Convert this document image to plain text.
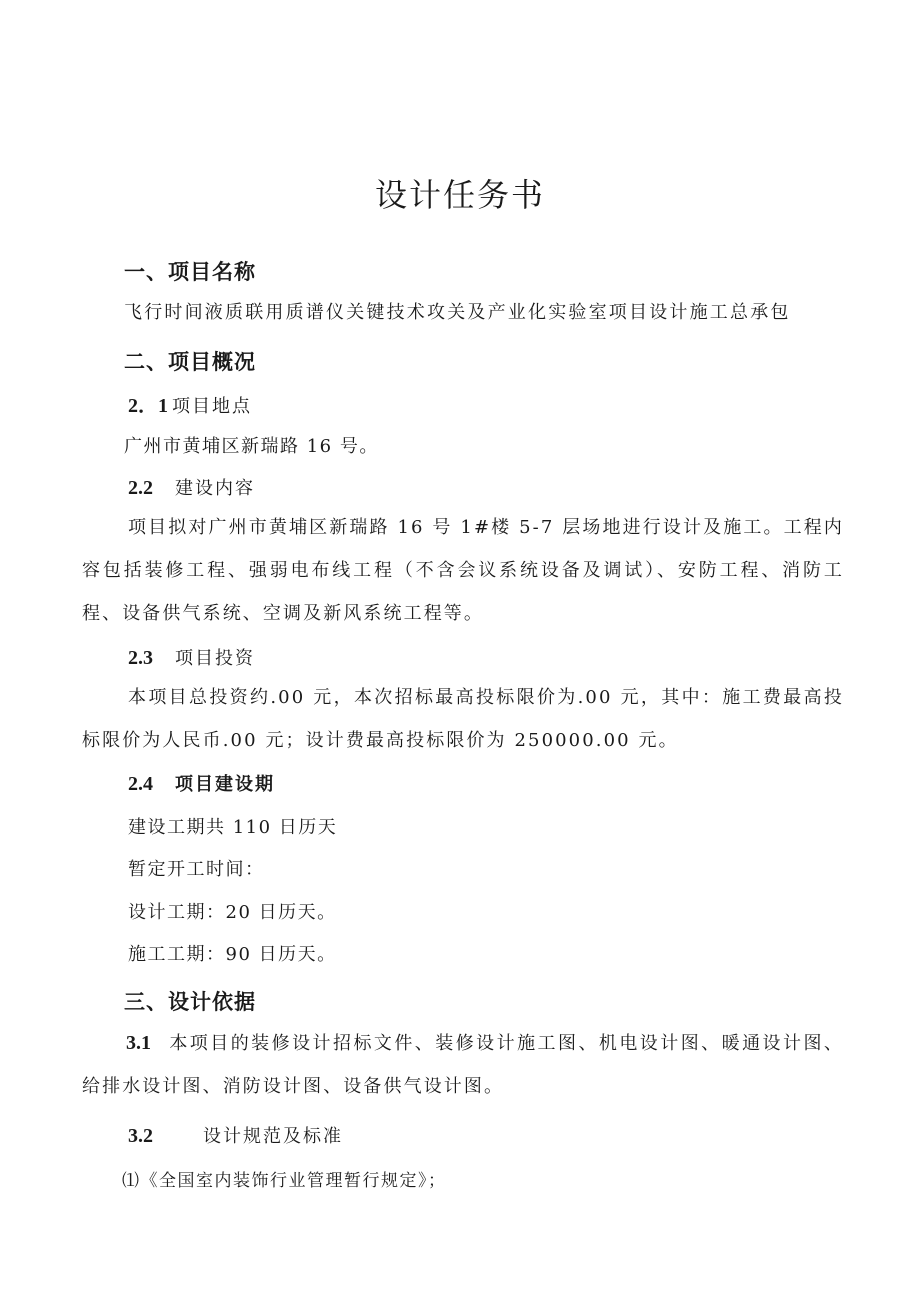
设计任务书
一、项目名称
飞行时间液质联用质谱仪关键技术攻关及产业化实验室项目设计施工总承包
二、项目概况
2．1 项目地点
广州市黄埔区新瑞路 16 号。
2.2 建设内容
项目拟对广州市黄埔区新瑞路 16 号 1#楼 5-7 层场地进行设计及施工。工程内容包括装修工程、强弱电布线工程（不含会议系统设备及调试）、安防工程、消防工程、设备供气系统、空调及新风系统工程等。
2.3 项目投资
本项目总投资约.00 元，本次招标最高投标限价为.00 元，其中：施工费最高投标限价为人民币.00 元；设计费最高投标限价为 250000.00 元。
2.4 项目建设期
建设工期共 110 日历天
暂定开工时间：
设计工期：20 日历天。
施工工期：90 日历天。
三、设计依据
3.1 本项目的装修设计招标文件、装修设计施工图、机电设计图、暖通设计图、给排水设计图、消防设计图、设备供气设计图。
3.2	设计规范及标准
⑴《全国室内装饰行业管理暂行规定》；
